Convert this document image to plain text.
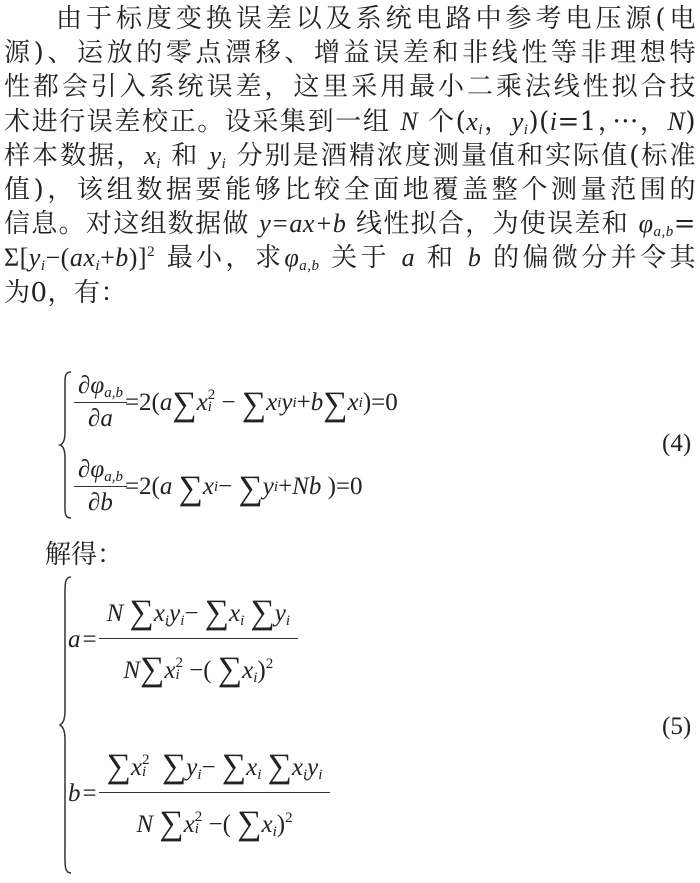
由于标度变换误差以及系统电路中参考电压源(电
源)、运放的零点漂移、增益误差和非线性等非理想特
性都会引入系统误差，这里采用最小二乘法线性拟合技
术进行误差校正。设采集到一组 N 个($x_i$，$y_i)(i=1$，···，N)
样本数据，$x_i$ 和 $y_i$ 分别是酒精浓度测量值和实际值(标准
值)，该组数据要能够比较全面地覆盖整个测量范围的
信息。对这组数据做 y=ax+b 线性拟合，为使误差和 $\varphi_{a,b}=$
$\Sigma[y_i-(ax_i+b)]^2$ 最小，求$\varphi_{a,b}$ 关于 a 和 b 的偏微分并令其
为0，有：
$\frac{\partial\varphi_{a,b}}{\partial a} =2$( a ∑ x $^2$
i − ∑ x i y i + b ∑ x i )=0
(4)
$\frac{\partial\varphi_{a,b}}{\partial b} =2$( a
∑ x i − ∑ y i + Nb )=0
解得：
a = N $\sum x_iy_i- \sum x_i$ $\sum y_i$
$N\sum x^2$
i −( $\sum x_i)^2$
(5)
$b = \sum x^2$
i $\sum y_i- \sum x_i$ $\sum x_iy_i$
N $\sum x^2$
i −( $\sum x_i)^2$
